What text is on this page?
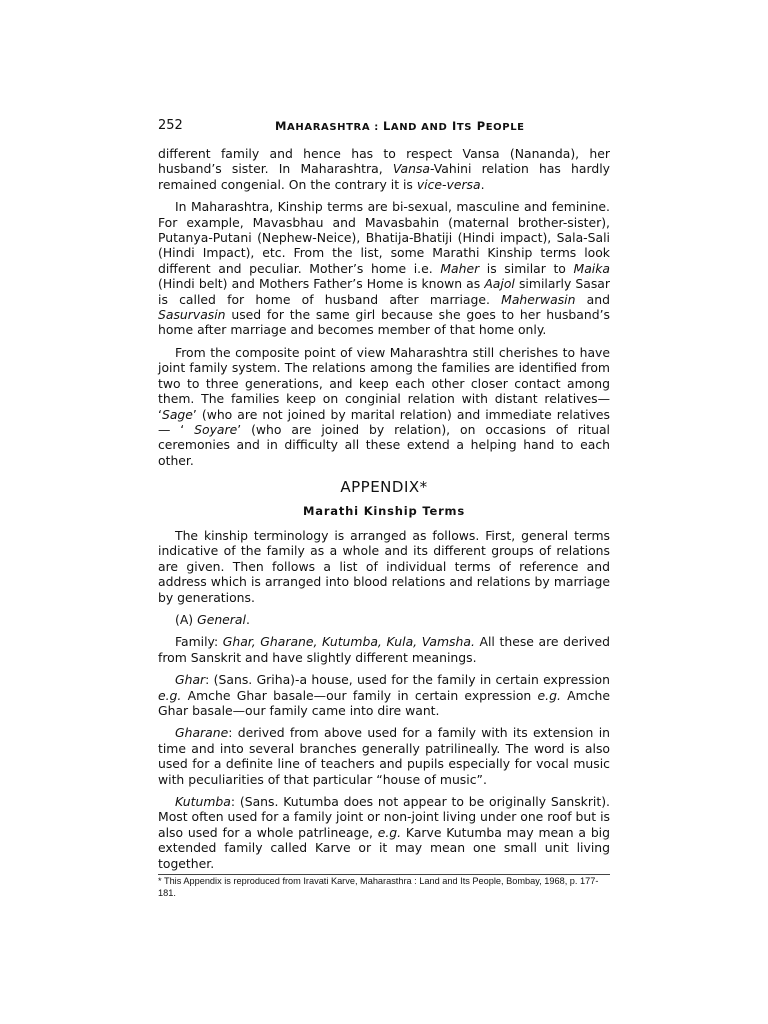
252	MAHARASHTRA : LAND AND ITS PEOPLE

different family and hence has to respect Vansa (Nananda), her husband’s sister. In Maharashtra, Vansa-Vahini relation has hardly remained congenial. On the contrary it is vice-versa.

In Maharashtra, Kinship terms are bi-sexual, masculine and feminine. For example, Mavasbhau and Mavasbahin (maternal brother-sister), Putanya-Putani (Nephew-Neice), Bhatija-Bhatiji (Hindi impact), Sala-Sali (Hindi Impact), etc. From the list, some Marathi Kinship terms look different and peculiar. Mother’s home i.e. Maher is similar to Maika (Hindi belt) and Mothers Father’s Home is known as Aajol similarly Sasar is called for home of husband after marriage. Maherwasin and Sasurvasin used for the same girl because she goes to her husband’s home after marriage and becomes member of that home only.

From the composite point of view Maharashtra still cherishes to have joint family system. The relations among the families are identified from two to three generations, and keep each other closer contact among them. The families keep on conginial relation with distant relatives— ‘Sage’ (who are not joined by marital relation) and immediate relatives — ‘ Soyare’ (who are joined by relation), on occasions of ritual ceremonies and in difficulty all these extend a helping hand to each other.

APPENDIX*
Marathi Kinship Terms

The kinship terminology is arranged as follows. First, general terms indicative of the family as a whole and its different groups of relations are given. Then follows a list of individual terms of reference and address which is arranged into blood relations and relations by marriage by generations.

(A) General.

Family: Ghar, Gharane, Kutumba, Kula, Vamsha. All these are derived from Sanskrit and have slightly different meanings.

Ghar: (Sans. Griha)-a house, used for the family in certain expression e.g. Amche Ghar basale—our family in certain expression e.g. Amche Ghar basale—our family came into dire want.

Gharane: derived from above used for a family with its extension in time and into several branches generally patrilineally. The word is also used for a definite line of teachers and pupils especially for vocal music with peculiarities of that particular “house of music”.

Kutumba: (Sans. Kutumba does not appear to be originally Sanskrit). Most often used for a family joint or non-joint living under one roof but is also used for a whole patrlineage, e.g. Karve Kutumba may mean a big extended family called Karve or it may mean one small unit living together.

* This Appendix is reproduced from Iravati Karve, Maharasthra : Land and Its People, Bombay, 1968, p. 177-181.
